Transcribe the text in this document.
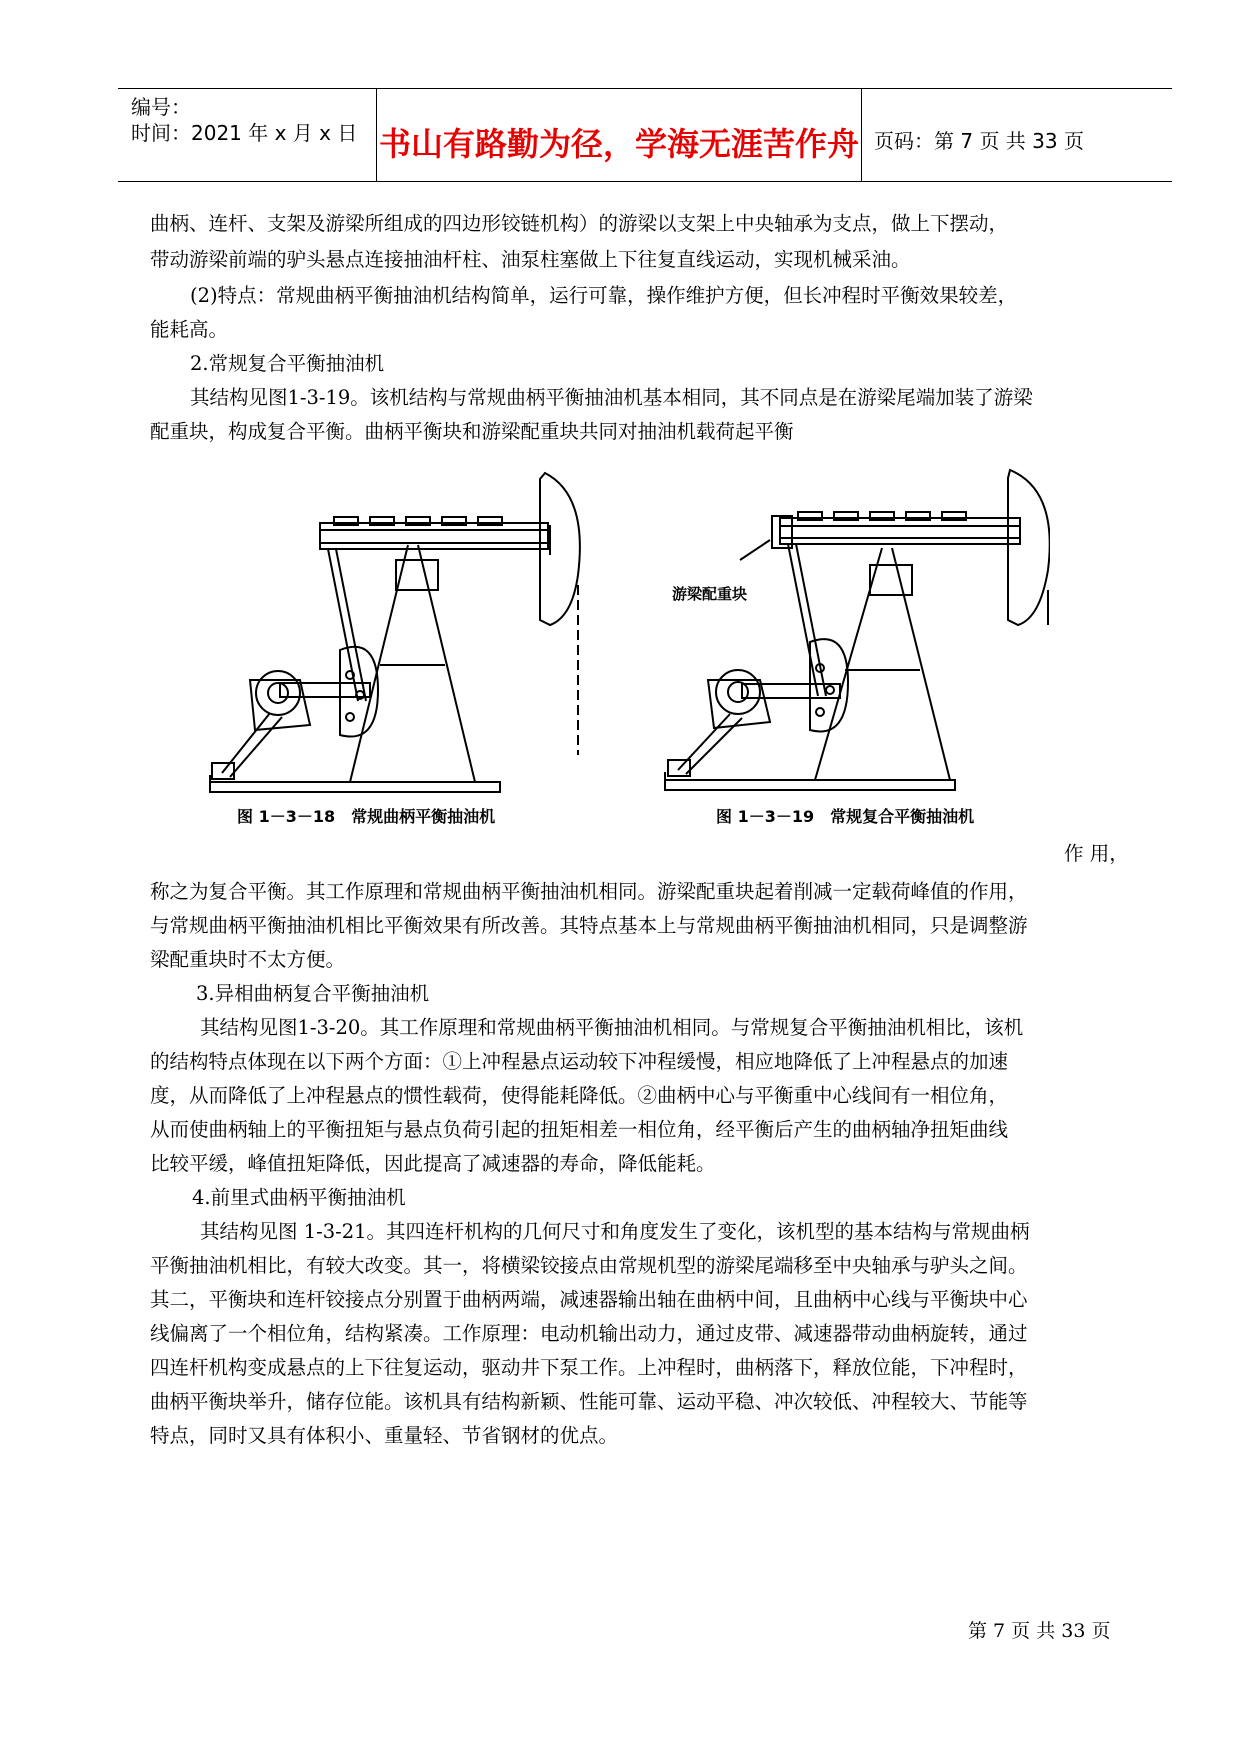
编号：
时间：2021 年 x 月 x 日 书山有路勤为径，学海无涯苦作舟 页码：第 7 页 共 33 页

曲柄、连杆、支架及游梁所组成的四边形铰链机构）的游梁以支架上中央轴承为支点，做上下摆动，

带动游梁前端的驴头悬点连接抽油杆柱、油泵柱塞做上下往复直线运动，实现机械采油。

(2)特点：常规曲柄平衡抽油机结构简单，运行可靠，操作维护方便，但长冲程时平衡效果较差，

能耗高。

2.常规复合平衡抽油机

其结构见图1-3-19。该机结构与常规曲柄平衡抽油机基本相同，其不同点是在游梁尾端加装了游梁

配重块，构成复合平衡。曲柄平衡块和游梁配重块共同对抽油机载荷起平衡

图 1－3－18　常规曲柄平衡抽油机
游梁配重块
图 1－3－19　常规复合平衡抽油机

作 用，

称之为复合平衡。其工作原理和常规曲柄平衡抽油机相同。游梁配重块起着削减一定载荷峰值的作用，

与常规曲柄平衡抽油机相比平衡效果有所改善。其特点基本上与常规曲柄平衡抽油机相同，只是调整游

梁配重块时不太方便。

3.异相曲柄复合平衡抽油机

其结构见图1-3-20。其工作原理和常规曲柄平衡抽油机相同。与常规复合平衡抽油机相比，该机

的结构特点体现在以下两个方面：①上冲程悬点运动较下冲程缓慢，相应地降低了上冲程悬点的加速

度，从而降低了上冲程悬点的惯性载荷，使得能耗降低。②曲柄中心与平衡重中心线间有一相位角，

从而使曲柄轴上的平衡扭矩与悬点负荷引起的扭矩相差一相位角，经平衡后产生的曲柄轴净扭矩曲线

比较平缓，峰值扭矩降低，因此提高了减速器的寿命，降低能耗。

4.前里式曲柄平衡抽油机

其结构见图 1-3-21。其四连杆机构的几何尺寸和角度发生了变化，该机型的基本结构与常规曲柄

平衡抽油机相比，有较大改变。其一，将横梁铰接点由常规机型的游梁尾端移至中央轴承与驴头之间。

其二，平衡块和连杆铰接点分别置于曲柄两端，减速器输出轴在曲柄中间，且曲柄中心线与平衡块中心

线偏离了一个相位角，结构紧凑。工作原理：电动机输出动力，通过皮带、减速器带动曲柄旋转，通过

四连杆机构变成悬点的上下往复运动，驱动井下泵工作。上冲程时，曲柄落下，释放位能，下冲程时，

曲柄平衡块举升，储存位能。该机具有结构新颖、性能可靠、运动平稳、冲次较低、冲程较大、节能等

特点，同时又具有体积小、重量轻、节省钢材的优点。

第 7 页 共 33 页
